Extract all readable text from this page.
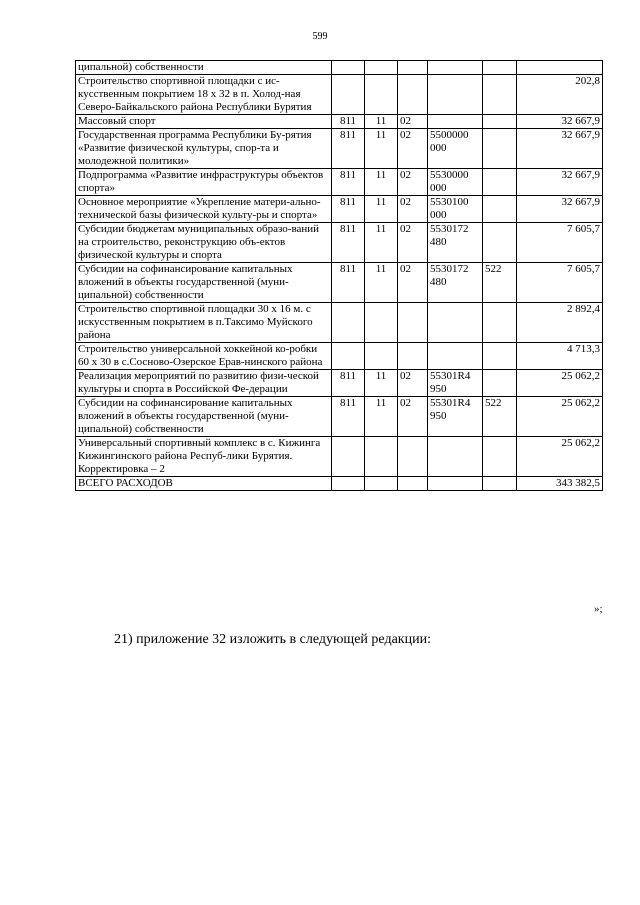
599
ципальной) собственности						
Строительство спортивной площадки с ис-кусственным покрытием 18 х 32 в п. Холод-ная Северо-Байкальского района Республики Бурятия						202,8
Массовый спорт	811	11	02			32 667,9
Государственная программа Республики Бу-рятия «Развитие физической культуры, спор-та и молодежной политики»	811	11	02	5500000 000		32 667,9
Подпрограмма «Развитие инфраструктуры объектов спорта»	811	11	02	5530000 000		32 667,9
Основное мероприятие «Укрепление матери-ально-технической базы физической культу-ры и спорта»	811	11	02	5530100 000		32 667,9
Субсидии бюджетам муниципальных образо-ваний на строительство, реконструкцию объ-ектов физической культуры и спорта	811	11	02	5530172 480		7 605,7
Субсидии на софинансирование капитальных вложений в объекты государственной (муни-ципальной) собственности	811	11	02	5530172 480	522	7 605,7
Строительство спортивной площадки 30 х 16 м. с искусственным покрытием в п.Таксимо Муйского района						2 892,4
Строительство универсальной хоккейной ко-робки 60 х 30 в с.Сосново-Озерское Ерав-нинского района						4 713,3
Реализация мероприятий по развитию физи-ческой культуры и спорта в Российской Фе-дерации	811	11	02	55301R4 950		25 062,2
Субсидии на софинансирование капитальных вложений в объекты государственной (муни-ципальной) собственности	811	11	02	55301R4 950	522	25 062,2
Универсальный спортивный комплекс в с. Кижинга Кижингинского района Респуб-лики Бурятия. Корректировка – 2						25 062,2
ВСЕГО РАСХОДОВ						343 382,5
»;
21) приложение 32 изложить в следующей редакции:
